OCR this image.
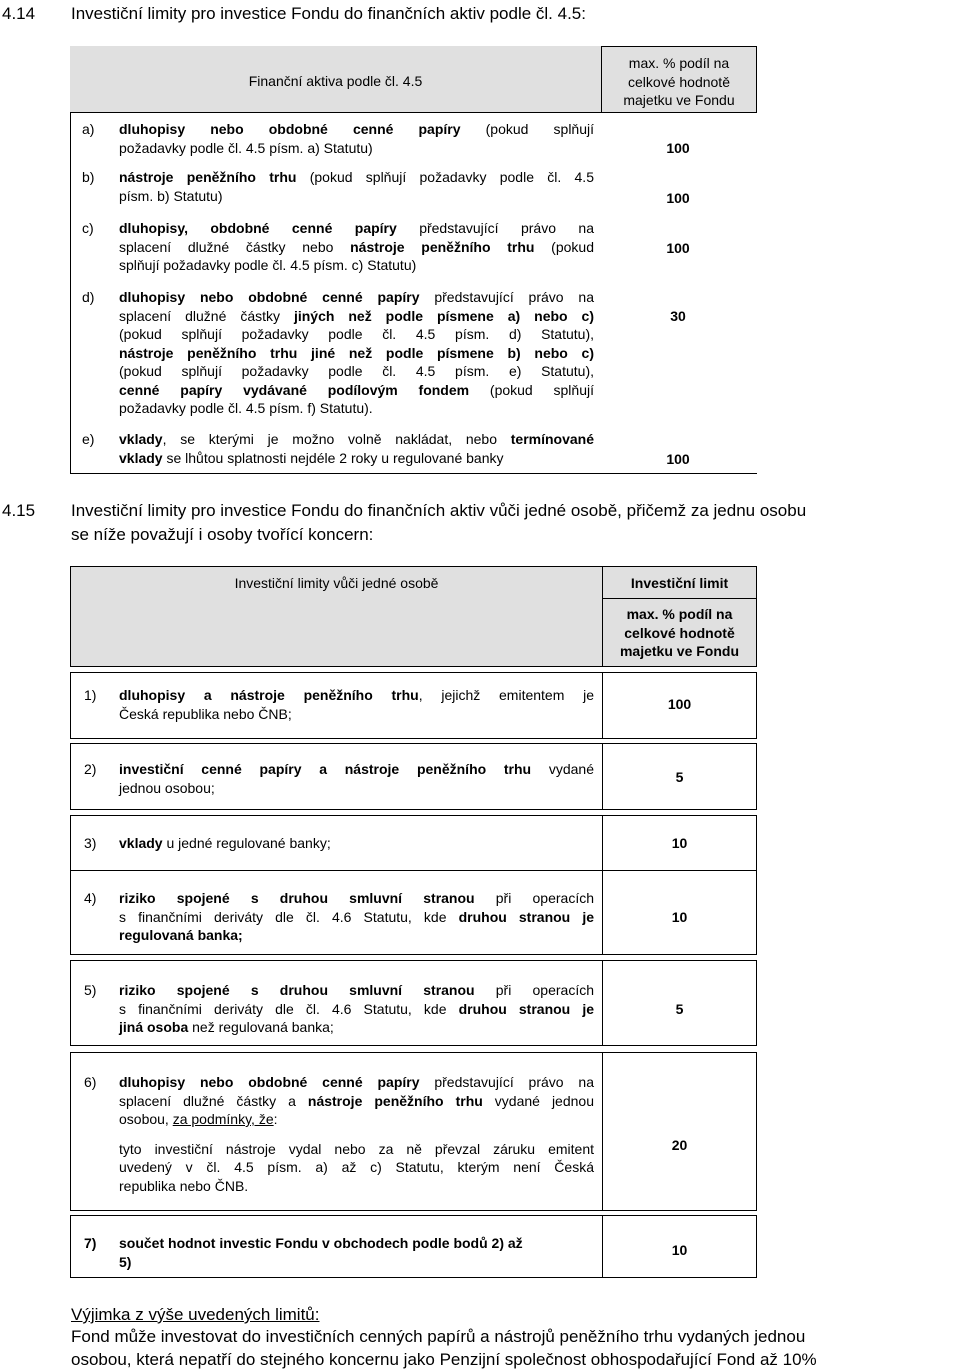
4.14 Investiční limity pro investice Fondu do finančních aktiv podle čl. 4.5:
Finanční aktiva podle čl. 4.5
max. % podíl na
celkové hodnotě
majetku ve Fondu
a) dluhopisy nebo obdobné cenné papíry (pokud splňují
požadavky podle čl. 4.5 písm. a) Statutu)	100
b) nástroje peněžního trhu (pokud splňují požadavky podle čl. 4.5
písm. b) Statutu)	100
c) dluhopisy, obdobné cenné papíry představující právo na
splacení dlužné částky nebo nástroje peněžního trhu (pokud
splňují požadavky podle čl. 4.5 písm. c) Statutu)
100
d) dluhopisy nebo obdobné cenné papíry představující právo na
splacení dlužné částky jiných než podle písmene a) nebo c)
(pokud splňují požadavky podle čl. 4.5 písm. d) Statutu),
nástroje peněžního trhu jiné než podle písmene b) nebo c)
(pokud splňují požadavky podle čl. 4.5 písm. e) Statutu),
cenné papíry vydávané podílovým fondem (pokud splňují
požadavky podle čl. 4.5 písm. f) Statutu).
30
e) vklady, se kterými je možno volně nakládat, nebo termínované
vklady se lhůtou splatnosti nejdéle 2 roky u regulované banky	100
4.15 Investiční limity pro investice Fondu do finančních aktiv vůči jedné osobě, přičemž za jednu osobu
se níže považují i osoby tvořící koncern:
Investiční limity vůči jedné osobě	Investiční limit
max. % podíl na
celkové hodnotě
majetku ve Fondu
1) dluhopisy a nástroje peněžního trhu, jejichž emitentem je
Česká republika nebo ČNB;
100
2) investiční cenné papíry a nástroje peněžního trhu vydané
jednou osobou;
5
3) vklady u jedné regulované banky;	10
4) riziko spojené s druhou smluvní stranou při operacích
s finančními deriváty dle čl. 4.6 Statutu, kde druhou stranou je
regulovaná banka;
10
5) riziko spojené s druhou smluvní stranou při operacích
s finančními deriváty dle čl. 4.6 Statutu, kde druhou stranou je
jiná osoba než regulovaná banka;
5
6) dluhopisy nebo obdobné cenné papíry představující právo na
splacení dlužné částky a nástroje peněžního trhu vydané jednou
osobou, za podmínky, že:
tyto investiční nástroje vydal nebo za ně převzal záruku emitent
uvedený v čl. 4.5 písm. a) až c) Statutu, kterým není Česká
republika nebo ČNB.
20
7) součet hodnot investic Fondu v obchodech podle bodů 2) až
5)
10
Výjimka z výše uvedených limitů:
Fond může investovat do investičních cenných papírů a nástrojů peněžního trhu vydaných jednou
osobou, která nepatří do stejného koncernu jako Penzijní společnost obhospodařující Fond až 10%
